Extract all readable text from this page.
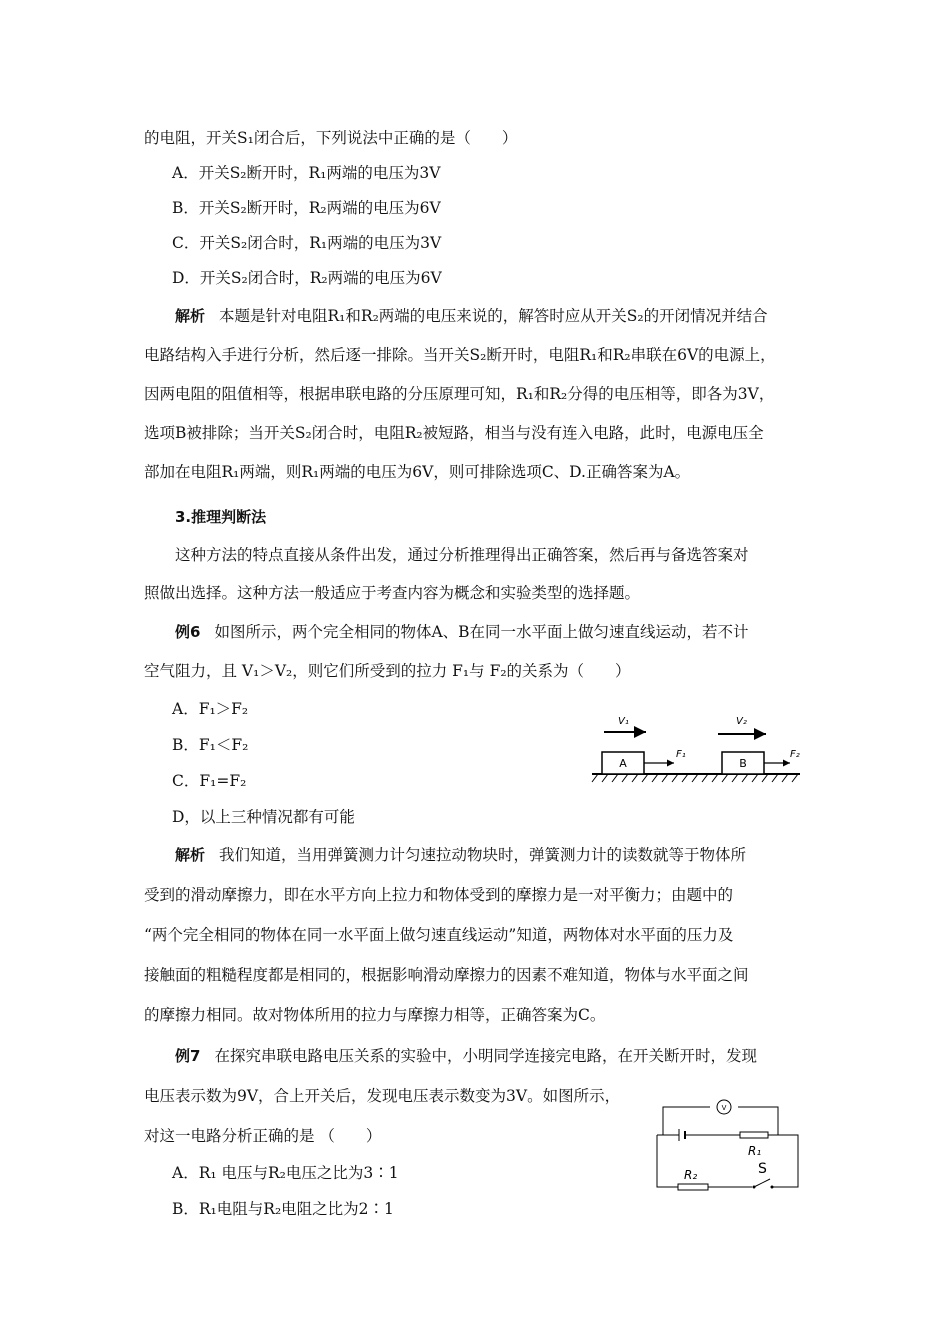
的电阻，开关S₁闭合后，下列说法中正确的是（　　）
A．开关S₂断开时，R₁两端的电压为3V
B．开关S₂断开时，R₂两端的电压为6V
C．开关S₂闭合时，R₁两端的电压为3V
D．开关S₂闭合时，R₂两端的电压为6V
解析 本题是针对电阻R₁和R₂两端的电压来说的，解答时应从开关S₂的开闭情况并结合
电路结构入手进行分析，然后逐一排除。当开关S₂断开时，电阻R₁和R₂串联在6V的电源上，
因两电阻的阻值相等，根据串联电路的分压原理可知，R₁和R₂分得的电压相等，即各为3V，
选项B被排除；当开关S₂闭合时，电阻R₂被短路，相当与没有连入电路，此时，电源电压全
部加在电阻R₁两端，则R₁两端的电压为6V，则可排除选项C、D.正确答案为A。
3.推理判断法
这种方法的特点直接从条件出发，通过分析推理得出正确答案，然后再与备选答案对
照做出选择。这种方法一般适应于考查内容为概念和实验类型的选择题。
例6 如图所示，两个完全相同的物体A、B在同一水平面上做匀速直线运动，若不计
空气阻力，且 V₁＞V₂，则它们所受到的拉力 F₁与 F₂的关系为（　　）
A．F₁＞F₂
B．F₁＜F₂
C．F₁=F₂
D，以上三种情况都有可能
A
F₁
V₁
B
F₂
V₂
解析 我们知道，当用弹簧测力计匀速拉动物块时，弹簧测力计的读数就等于物体所
受到的滑动摩擦力，即在水平方向上拉力和物体受到的摩擦力是一对平衡力；由题中的
“两个完全相同的物体在同一水平面上做匀速直线运动”知道，两物体对水平面的压力及
接触面的粗糙程度都是相同的，根据影响滑动摩擦力的因素不难知道，物体与水平面之间
的摩擦力相同。故对物体所用的拉力与摩擦力相等，正确答案为C。
例7 在探究串联电路电压关系的实验中，小明同学连接完电路，在开关断开时，发现
电压表示数为9V，合上开关后，发现电压表示数变为3V。如图所示，
对这一电路分析正确的是 （　　）
A．R₁ 电压与R₂电压之比为3∶1
B．R₁电阻与R₂电阻之比为2∶1
V
R₁
R₂	S
